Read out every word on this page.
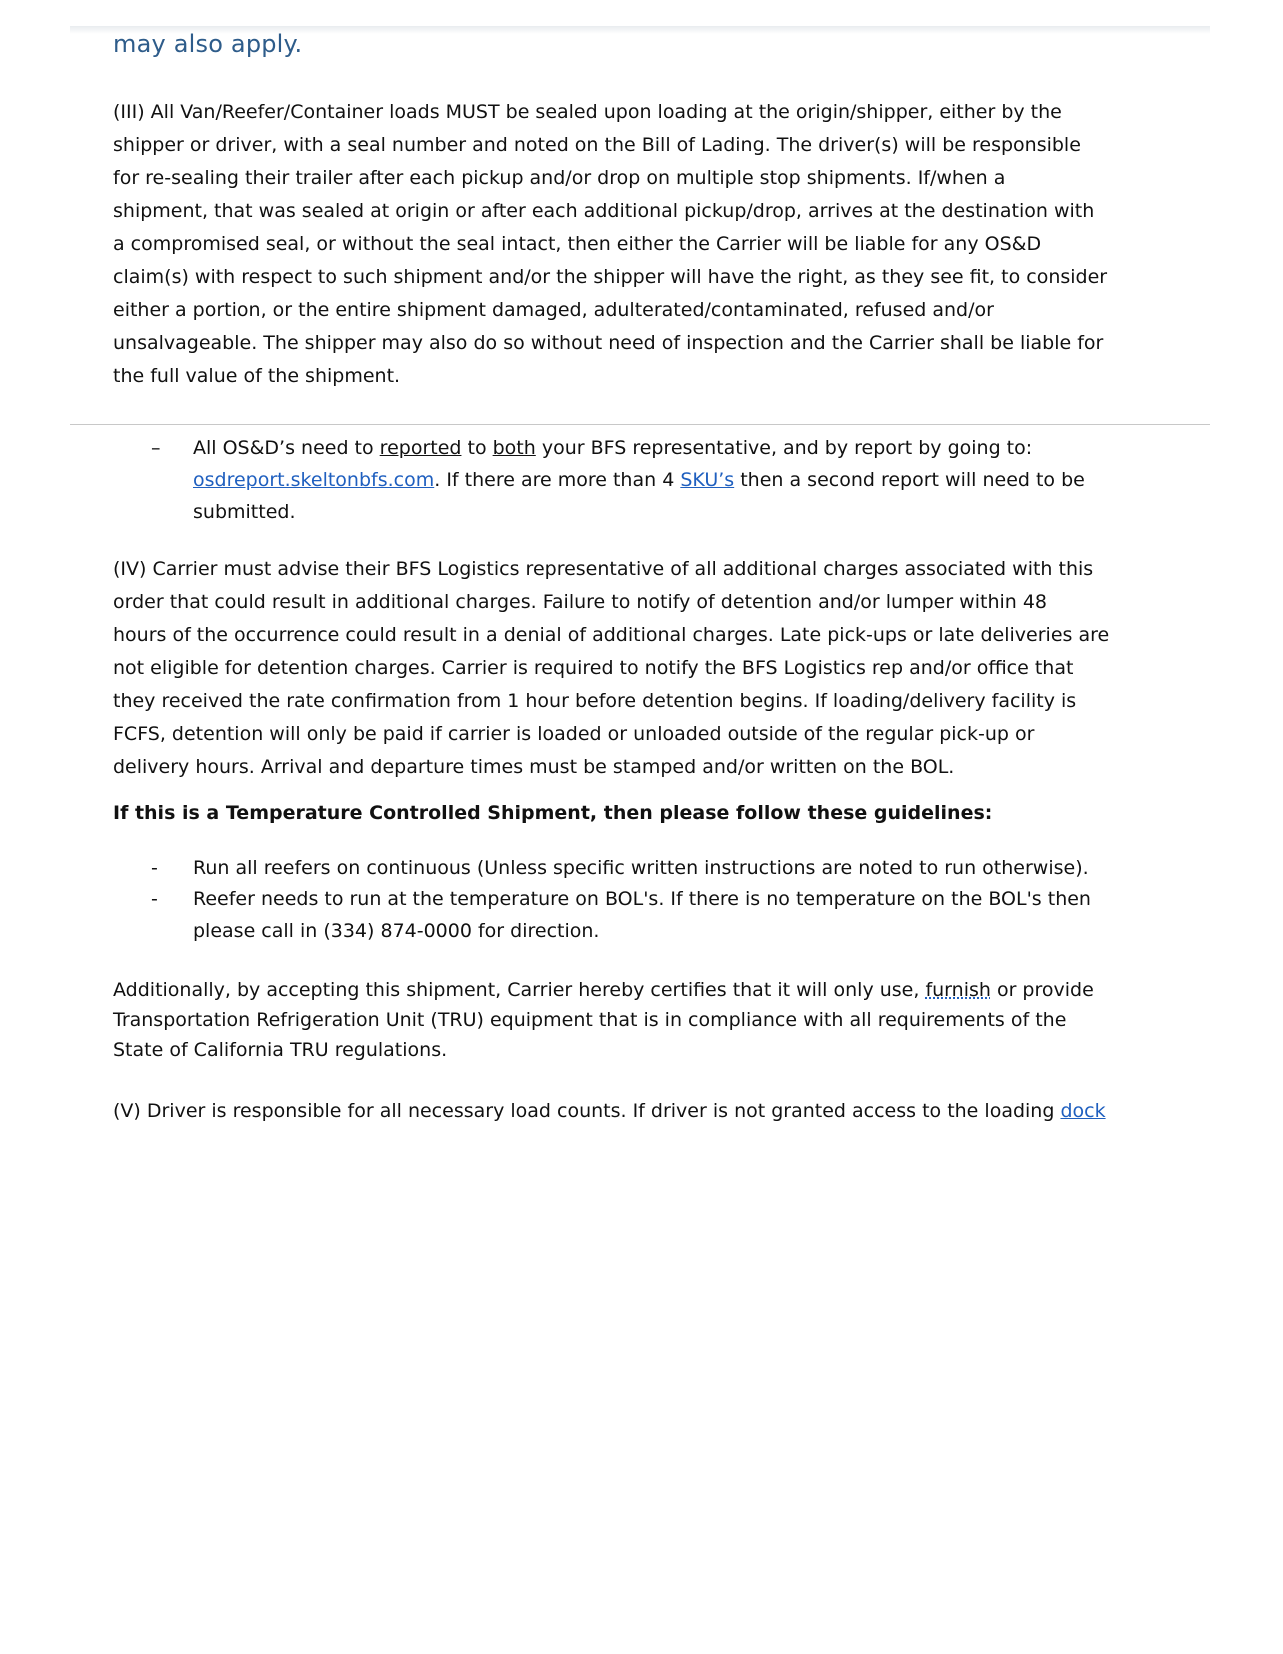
may also apply.
(III) All Van/Reefer/Container loads MUST be sealed upon loading at the origin/shipper, either by the
shipper or driver, with a seal number and noted on the Bill of Lading. The driver(s) will be responsible
for re-sealing their trailer after each pickup and/or drop on multiple stop shipments. If/when a
shipment, that was sealed at origin or after each additional pickup/drop, arrives at the destination with
a compromised seal, or without the seal intact, then either the Carrier will be liable for any OS&D
claim(s) with respect to such shipment and/or the shipper will have the right, as they see fit, to consider
either a portion, or the entire shipment damaged, adulterated/contaminated, refused and/or
unsalvageable. The shipper may also do so without need of inspection and the Carrier shall be liable for
the full value of the shipment.
– All OS&D’s need to reported to both your BFS representative, and by report by going to:
osdreport.skeltonbfs.com. If there are more than 4 SKU’s then a second report will need to be
submitted.
(IV) Carrier must advise their BFS Logistics representative of all additional charges associated with this
order that could result in additional charges. Failure to notify of detention and/or lumper within 48
hours of the occurrence could result in a denial of additional charges. Late pick-ups or late deliveries are
not eligible for detention charges. Carrier is required to notify the BFS Logistics rep and/or office that
they received the rate confirmation from 1 hour before detention begins. If loading/delivery facility is
FCFS, detention will only be paid if carrier is loaded or unloaded outside of the regular pick-up or
delivery hours. Arrival and departure times must be stamped and/or written on the BOL.
If this is a Temperature Controlled Shipment, then please follow these guidelines:
- Run all reefers on continuous (Unless specific written instructions are noted to run otherwise).
- Reefer needs to run at the temperature on BOL's. If there is no temperature on the BOL's then
please call in (334) 874-0000 for direction.
Additionally, by accepting this shipment, Carrier hereby certifies that it will only use, furnish or provide
Transportation Refrigeration Unit (TRU) equipment that is in compliance with all requirements of the
State of California TRU regulations.
(V) Driver is responsible for all necessary load counts. If driver is not granted access to the loading dock
